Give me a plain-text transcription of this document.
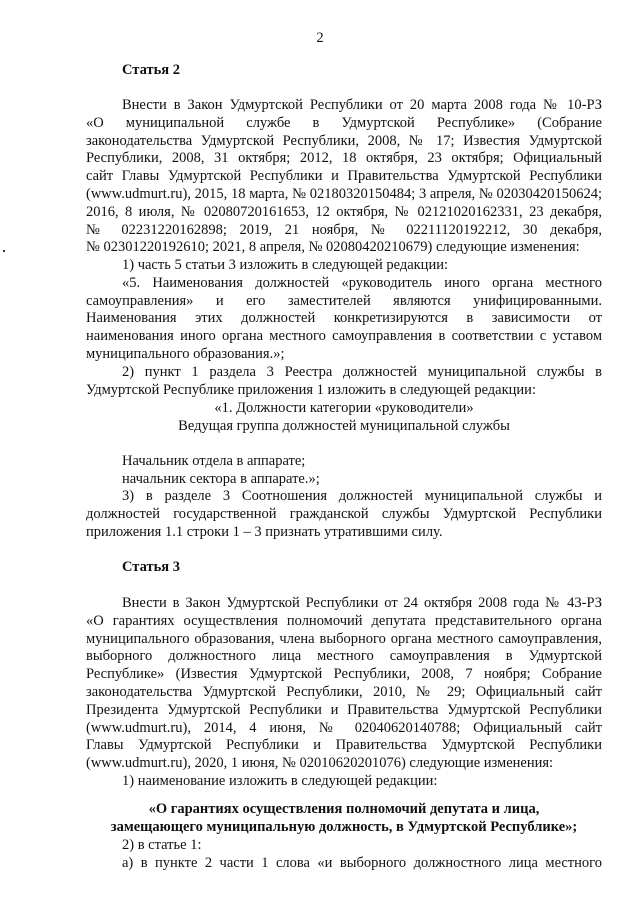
2
Статья 2

Внести в Закон Удмуртской Республики от 20 марта 2008 года № 10-РЗ

«О муниципальной службе в Удмуртской Республике» (Собрание

законодательства Удмуртской Республики, 2008, № 17; Известия Удмуртской

Республики, 2008, 31 октября; 2012, 18 октября, 23 октября; Официальный

сайт Главы Удмуртской Республики и Правительства Удмуртской Республики

(www.udmurt.ru), 2015, 18 марта, № 02180320150484; 3 апреля, № 02030420150624;

2016, 8 июля, № 02080720161653, 12 октября, № 02121020162331, 23 декабря,

№ 02231220162898; 2019, 21 ноября, № 02211120192212, 30 декабря,

№ 02301220192610; 2021, 8 апреля, № 02080420210679) следующие изменения:

1) часть 5 статьи 3 изложить в следующей редакции:

«5. Наименования должностей «руководитель иного органа местного

самоуправления» и его заместителей являются унифицированными.

Наименования этих должностей конкретизируются в зависимости от

наименования иного органа местного самоуправления в соответствии с уставом

муниципального образования.»;

2) пункт 1 раздела 3 Реестра должностей муниципальной службы в

Удмуртской Республике приложения 1 изложить в следующей редакции:

«1. Должности категории «руководители»

Ведущая группа должностей муниципальной службы

Начальник отдела в аппарате;

начальник сектора в аппарате.»;

3) в разделе 3 Соотношения должностей муниципальной службы и

должностей государственной гражданской службы Удмуртской Республики

приложения 1.1 строки 1 – 3 признать утратившими силу.

Статья 3

Внести в Закон Удмуртской Республики от 24 октября 2008 года № 43-РЗ

«О гарантиях осуществления полномочий депутата представительного органа

муниципального образования, члена выборного органа местного самоуправления,

выборного должностного лица местного самоуправления в Удмуртской

Республике» (Известия Удмуртской Республики, 2008, 7 ноября; Собрание

законодательства Удмуртской Республики, 2010, № 29; Официальный сайт

Президента Удмуртской Республики и Правительства Удмуртской Республики

(www.udmurt.ru), 2014, 4 июня, № 02040620140788; Официальный сайт

Главы Удмуртской Республики и Правительства Удмуртской Республики

(www.udmurt.ru), 2020, 1 июня, № 02010620201076) следующие изменения:

1) наименование изложить в следующей редакции:

«О гарантиях осуществления полномочий депутата и лица,

замещающего муниципальную должность, в Удмуртской Республике»;

2) в статье 1:

а) в пункте 2 части 1 слова «и выборного должностного лица местного
